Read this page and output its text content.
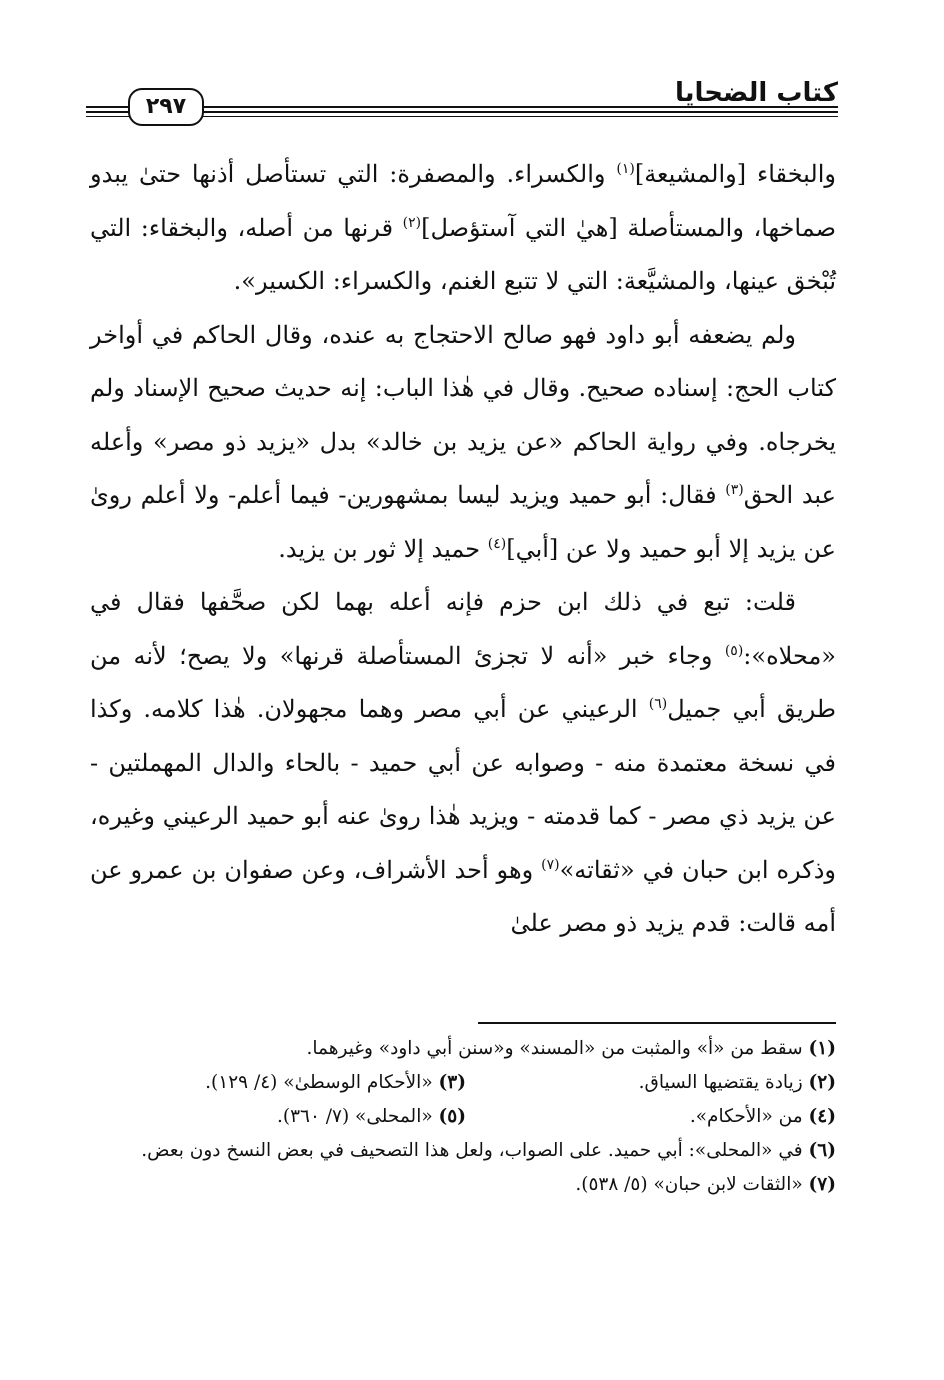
كتاب الضحايا
٢٩٧

والبخقاء [والمشيعة]$^{(١)}$ والكسراء. والمصفرة: التي تستأصل أذنها حتىٰ يبدو صماخها، والمستأصلة [هيٰ التي آستؤصل]$^{(٢)}$ قرنها من أصله، والبخقاء: التي تُبْخق عينها، والمشيَّعة: التي لا تتبع الغنم، والكسراء: الكسير».

ولم يضعفه أبو داود فهو صالح الاحتجاج به عنده، وقال الحاكم في أواخر كتاب الحج: إسناده صحيح. وقال في هٰذا الباب: إنه حديث صحيح الإسناد ولم يخرجاه. وفي رواية الحاكم «عن يزيد بن خالد» بدل «يزيد ذو مصر» وأعله عبد الحق$^{(٣)}$ فقال: أبو حميد ويزيد ليسا بمشهورين- فيما أعلم- ولا أعلم روىٰ عن يزيد إلا أبو حميد ولا عن [أبي]$^{(٤)}$ حميد إلا ثور بن يزيد.

قلت: تبع في ذلك ابن حزم فإنه أعله بهما لكن صحَّفها فقال في «محلاه»:$^{(٥)}$ وجاء خبر «أنه لا تجزئ المستأصلة قرنها» ولا يصح؛ لأنه من طريق أبي جميل$^{(٦)}$ الرعيني عن أبي مصر وهما مجهولان. هٰذا كلامه. وكذا في نسخة معتمدة منه - وصوابه عن أبي حميد - بالحاء والدال المهملتين - عن يزيد ذي مصر - كما قدمته - ويزيد هٰذا روىٰ عنه أبو حميد الرعيني وغيره، وذكره ابن حبان في «ثقاته»$^{(٧)}$ وهو أحد الأشراف، وعن صفوان بن عمرو عن أمه قالت: قدم يزيد ذو مصر علىٰ

(١) سقط من «أ» والمثبت من «المسند» و«سنن أبي داود» وغيرهما.

(٢) زيادة يقتضيها السياق.
(٣) «الأحكام الوسطىٰ» (٤/ ١٢٩).
(٤) من «الأحكام».
(٥) «المحلى» (٧/ ٣٦٠).

(٦) في «المحلى»: أبي حميد. على الصواب، ولعل هذا التصحيف في بعض النسخ دون بعض.

(٧) «الثقات لابن حبان» (٥/ ٥٣٨).
